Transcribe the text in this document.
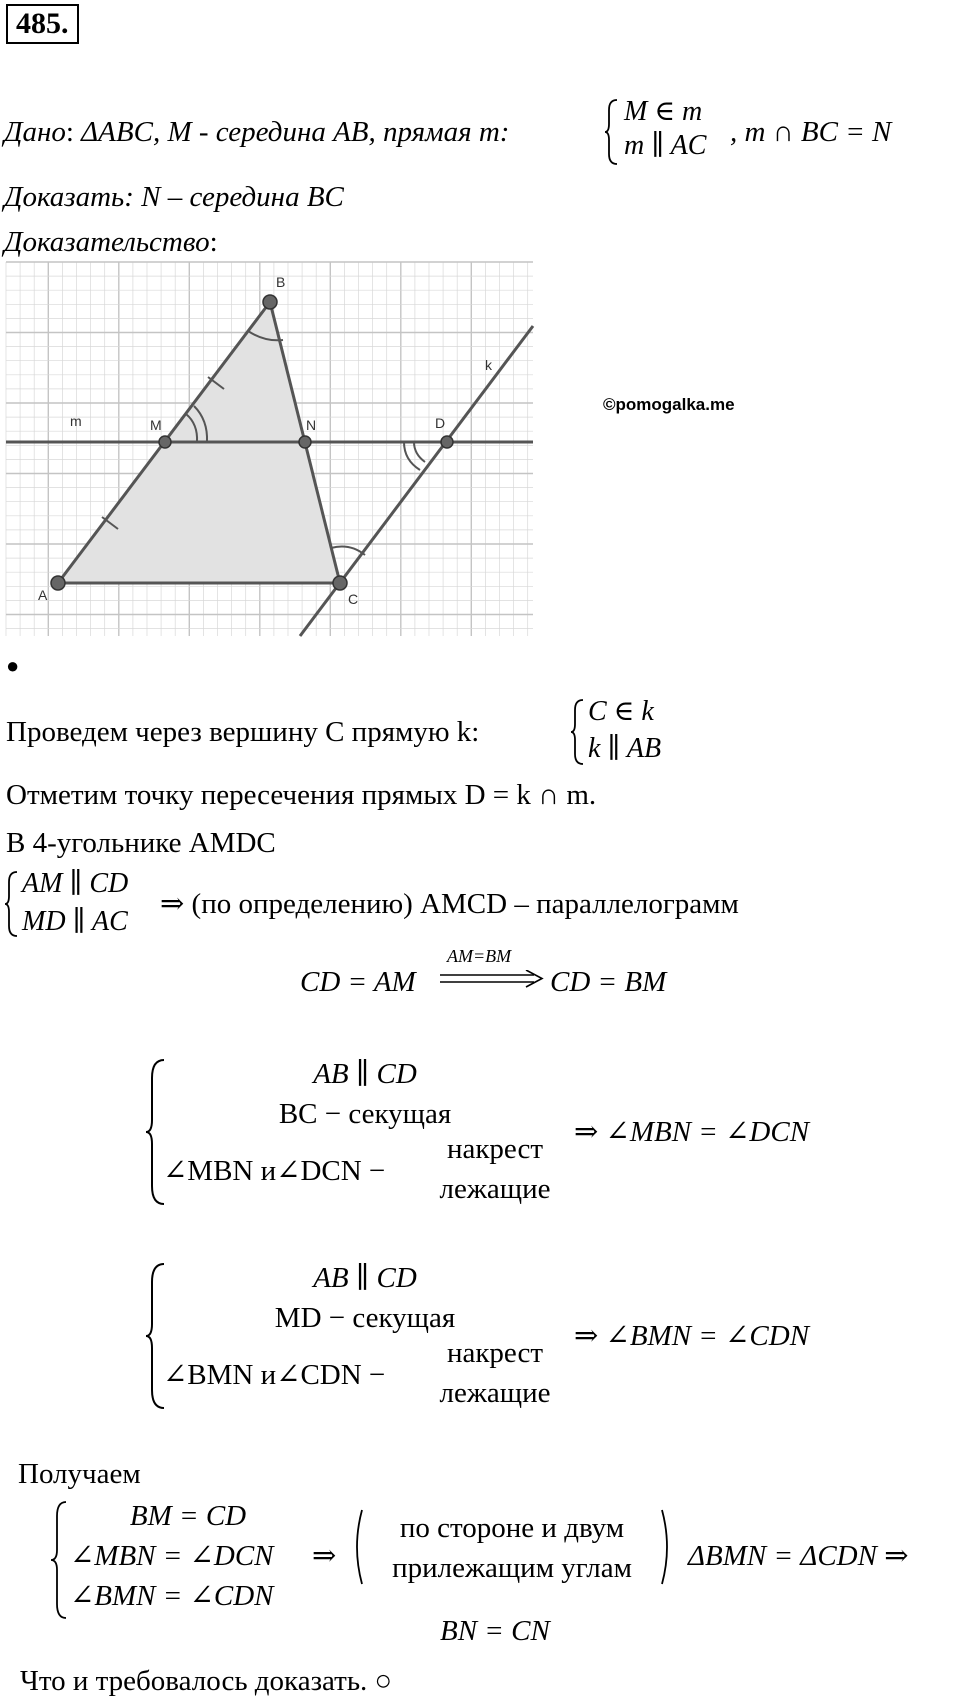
485.
Дано: ΔABC, M - середина AB, прямая m:
M ∈ m
m ∥ AC , m ∩ BC = N
Доказать: N – середина BC
Доказательство:
A
B
C
M	N	D
m
k
©pomogalka.me
●
Проведем через вершину C прямую k:
C ∈ k
k ∥ AB
Отметим точку пересечения прямых D = k ∩ m.
В 4-угольнике AMDC
AM ∥ CD
MD ∥ AC
⇒ (по определению) AMCD – параллелограмм
CD = AM
AM=BM
CD = BM
AB ∥ CD
BC − секущая
∠MBN и∠DCN −
накрест
лежащие
⇒ ∠MBN = ∠DCN
AB ∥ CD
MD − секущая
∠BMN и∠CDN −
накрест
лежащие
⇒ ∠BMN = ∠CDN
Получаем
BM = CD
∠MBN = ∠DCN
∠BMN = ∠CDN
⇒
по стороне и двум
прилежащим углам	ΔBMN = ΔCDN ⇒
BN = CN
Что и требовалось доказать. ○
